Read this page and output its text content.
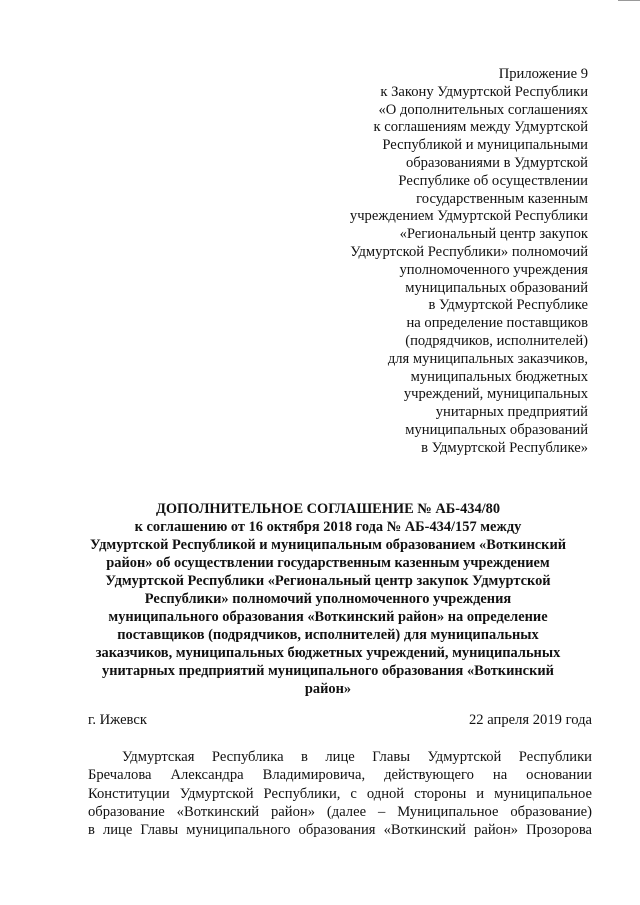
Приложение 9
к Закону Удмуртской Республики
«О дополнительных соглашениях
к соглашениям между Удмуртской
Республикой и муниципальными
образованиями в Удмуртской
Республике об осуществлении
государственным казенным
учреждением Удмуртской Республики
«Региональный центр закупок
Удмуртской Республики» полномочий
уполномоченного учреждения
муниципальных образований
в Удмуртской Республике
на определение поставщиков
(подрядчиков, исполнителей)
для муниципальных заказчиков,
муниципальных бюджетных
учреждений, муниципальных
унитарных предприятий
муниципальных образований
в Удмуртской Республике»
ДОПОЛНИТЕЛЬНОЕ СОГЛАШЕНИЕ № АБ-434/80
к соглашению от 16 октября 2018 года № АБ-434/157 между
Удмуртской Республикой и муниципальным образованием «Воткинский
район» об осуществлении государственным казенным учреждением
Удмуртской Республики «Региональный центр закупок Удмуртской
Республики» полномочий уполномоченного учреждения
муниципального образования «Воткинский район» на определение
поставщиков (подрядчиков, исполнителей) для муниципальных
заказчиков, муниципальных бюджетных учреждений, муниципальных
унитарных предприятий муниципального образования «Воткинский
район»
г. Ижевск	22 апреля 2019 года
Удмуртская Республика в лице Главы Удмуртской Республики
Бречалова Александра Владимировича, действующего на основании
Конституции Удмуртской Республики, с одной стороны и муниципальное
образование «Воткинский район» (далее – Муниципальное образование)
в лице Главы муниципального образования «Воткинский район» Прозорова
